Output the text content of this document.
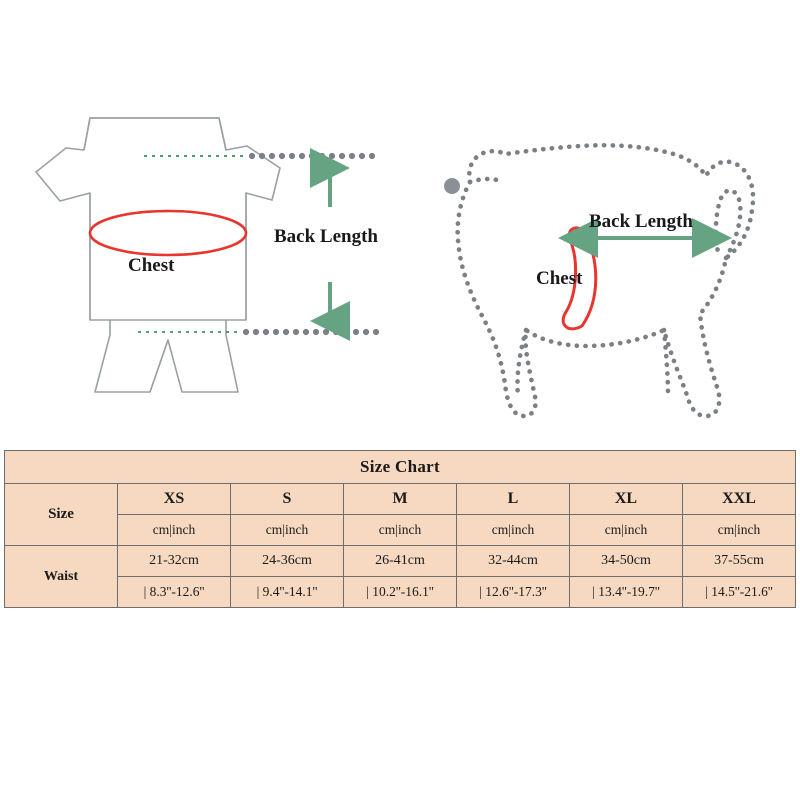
Back Length
Chest
Back Length
Chest
Size Chart						
Size	XS	S	M	L	XL	XXL
	cm|inch	cm|inch	cm|inch	cm|inch	cm|inch	cm|inch
Waist	21-32cm	24-36cm	26-41cm	32-44cm	34-50cm	37-55cm
	| 8.3''-12.6''	| 9.4''-14.1''	| 10.2''-16.1''	| 12.6''-17.3''	| 13.4''-19.7''	| 14.5''-21.6''
